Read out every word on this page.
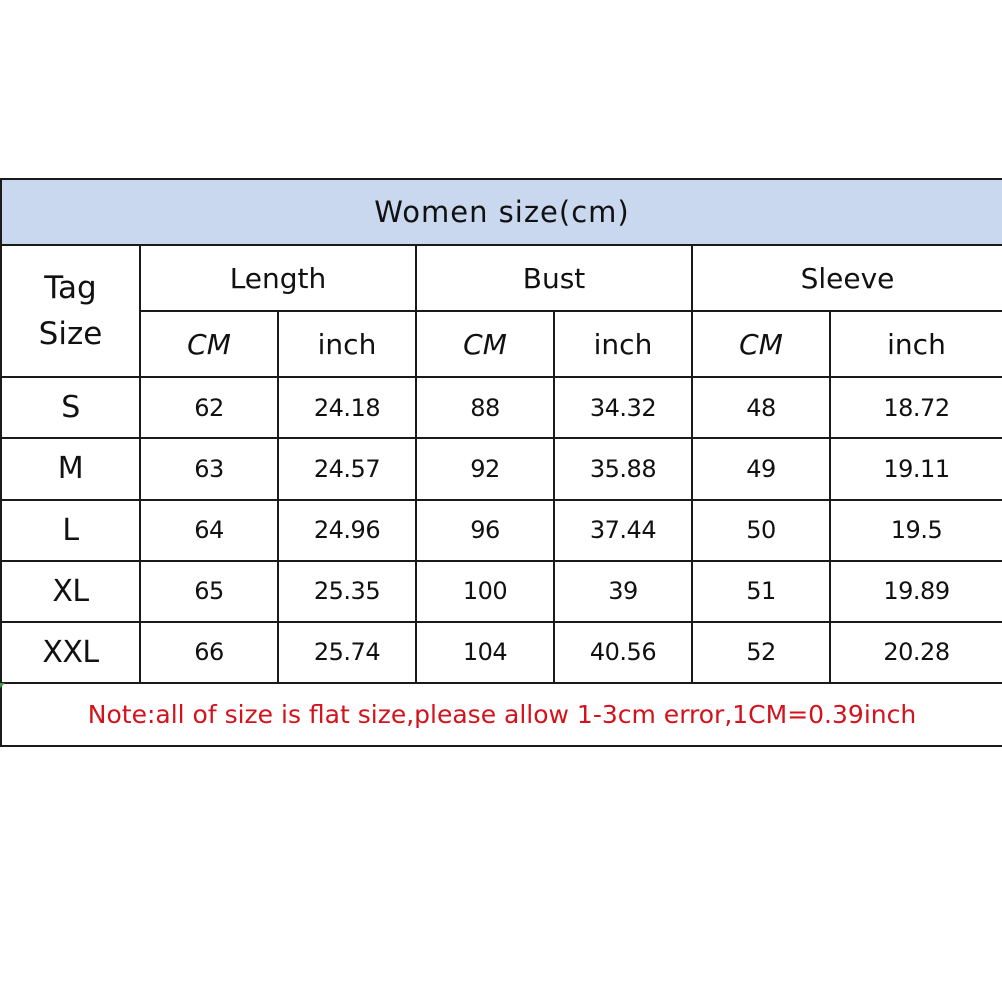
Women size(cm)						

Tag
Size	Length		Bust		Sleeve	
	CM	inch	CM	inch	CM	inch
S	62	24.18	88	34.32	48	18.72
M	63	24.57	92	35.88	49	19.11
L	64	24.96	96	37.44	50	19.5
XL	65	25.35	100	39	51	19.89
XXL	66	25.74	104	40.56	52	20.28
Note:all of size is flat size,please allow 1-3cm error,1CM=0.39inch						
